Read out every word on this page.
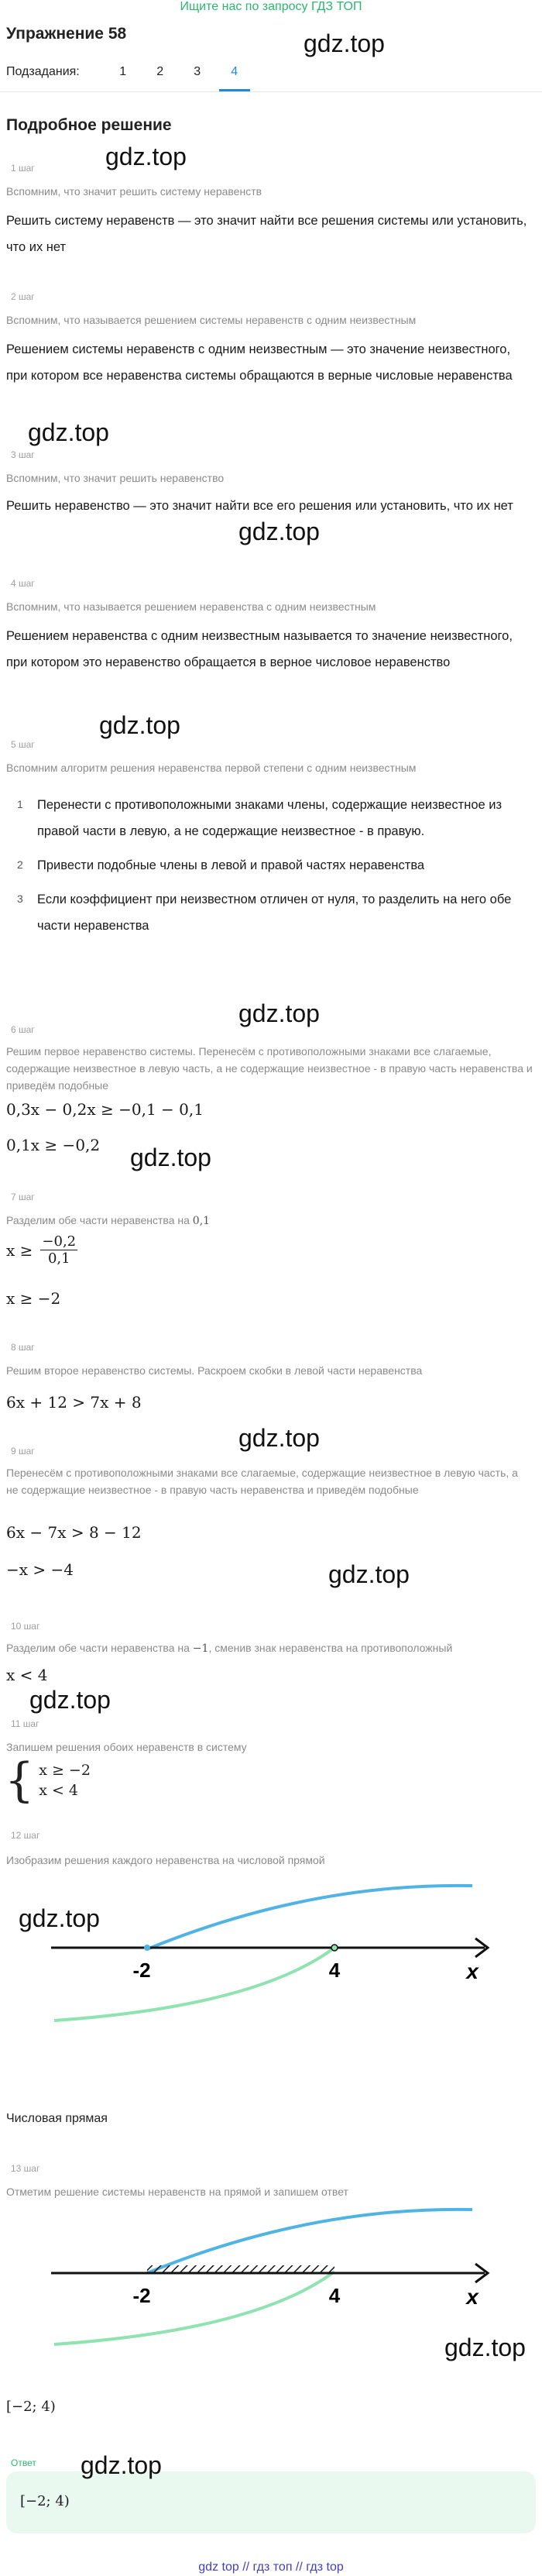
Ищите нас по запросу ГДЗ ТОП
Упражнение 58	gdz.top
Подзадания:	1	2	3	4
Подробное решение
gdz.top
1 шаг
Вспомним, что значит решить систему неравенств
Решить систему неравенств — это значит найти все решения системы или установить, что их нет
2 шаг
Вспомним, что называется решением системы неравенств с одним неизвестным
Решением системы неравенств с одним неизвестным — это значение неизвестного, при котором все неравенства системы обращаются в верные числовые неравенства
gdz.top
3 шаг
Вспомним, что значит решить неравенство
Решить неравенство — это значит найти все его решения или установить, что их нет
gdz.top
4 шаг
Вспомним, что называется решением неравенства с одним неизвестным
Решением неравенства с одним неизвестным называется то значение неизвестного, при котором это неравенство обращается в верное числовое неравенство
gdz.top
5 шаг
Вспомним алгоритм решения неравенства первой степени с одним неизвестным
1	Перенести с противоположными знаками члены, содержащие неизвестное из правой части в левую, а не содержащие неизвестное - в правую.
2	Привести подобные члены в левой и правой частях неравенства
3	Если коэффициент при неизвестном отличен от нуля, то разделить на него обе части неравенства
gdz.top
6 шаг
Решим первое неравенство системы. Перенесём с противоположными знаками все слагаемые, содержащие неизвестное в левую часть, а не содержащие неизвестное - в правую часть неравенства и приведём подобные
0,3x − 0,2x ≥ −0,1 − 0,1
0,1x ≥ −0,2 gdz.top
7 шаг
Разделим обе части неравенства на 0,1
$x \ge \frac{-0,2}{0,1}$
x ≥ −2
8 шаг
Решим второе неравенство системы. Раскроем скобки в левой части неравенства
6x + 12 > 7x + 8
gdz.top
9 шаг
Перенесём с противоположными знаками все слагаемые, содержащие неизвестное в левую часть, а не содержащие неизвестное - в правую часть неравенства и приведём подобные
6x − 7x > 8 − 12
−x > −4	gdz.top
10 шаг
Разделим обе части неравенства на −1, сменив знак неравенства на противоположный
x < 4
gdz.top
11 шаг
Запишем решения обоих неравенств в систему
{ x ≥ −2
x < 4
12 шаг
Изобразим решения каждого неравенства на числовой прямой
-2	4	x
gdz.top
Числовая прямая
13 шаг
Отметим решение системы неравенств на прямой и запишем ответ
-2	4	x
gdz.top
[−2; 4)
Ответ gdz.top
[−2; 4)
gdz top // гдз топ // гдз top
